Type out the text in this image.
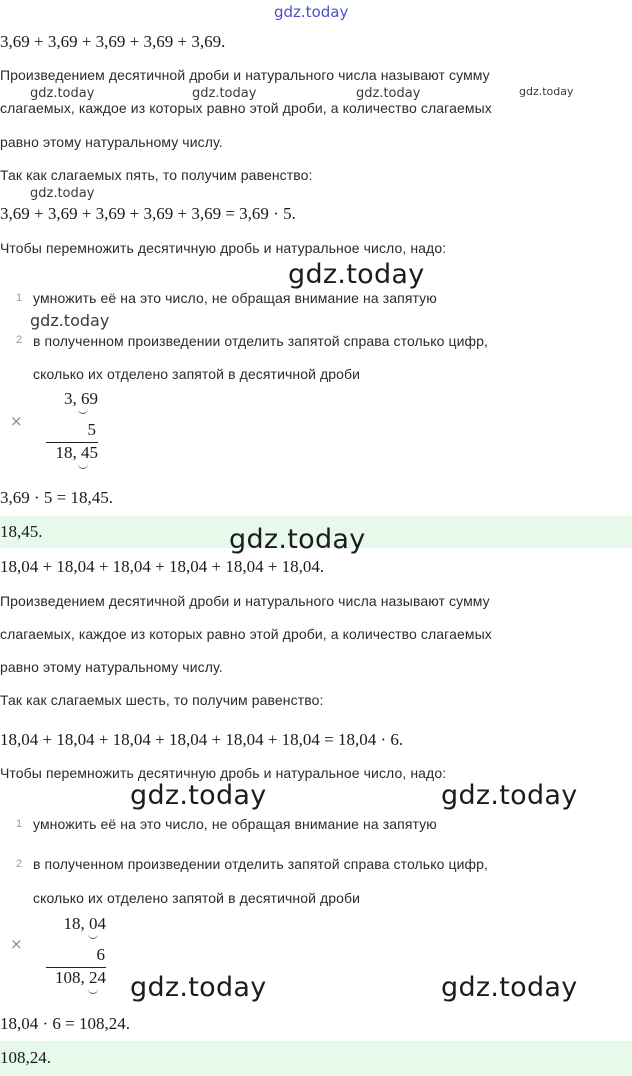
gdz.today
3,69 + 3,69 + 3,69 + 3,69 + 3,69.
Произведением десятичной дроби и натурального числа называют сумму
gdz.today	gdz.today	gdz.today	gdz.today
слагаемых, каждое из которых равно этой дроби, а количество слагаемых
равно этому натуральному числу.
Так как слагаемых пять, то получим равенство:
gdz.today
3,69 + 3,69 + 3,69 + 3,69 + 3,69 = 3,69 · 5.
Чтобы перемножить десятичную дробь и натуральное число, надо:
gdz.today
1 умножить её на это число, не обращая внимание на запятую
gdz.today
2 в полученном произведении отделить запятой справа столько цифр,
сколько их отделено запятой в десятичной дроби
×
3, 69
5
18, 45
3,69 · 5 = 18,45.
18,45.	gdz.today
18,04 + 18,04 + 18,04 + 18,04 + 18,04 + 18,04.
Произведением десятичной дроби и натурального числа называют сумму
слагаемых, каждое из которых равно этой дроби, а количество слагаемых
равно этому натуральному числу.
Так как слагаемых шесть, то получим равенство:
18,04 + 18,04 + 18,04 + 18,04 + 18,04 + 18,04 = 18,04 · 6.
Чтобы перемножить десятичную дробь и натуральное число, надо:
gdz.today	gdz.today
1 умножить её на это число, не обращая внимание на запятую
2 в полученном произведении отделить запятой справа столько цифр,
сколько их отделено запятой в десятичной дроби
×
18, 04
6
108, 24 gdz.today	gdz.today
18,04 · 6 = 108,24.
108,24.
